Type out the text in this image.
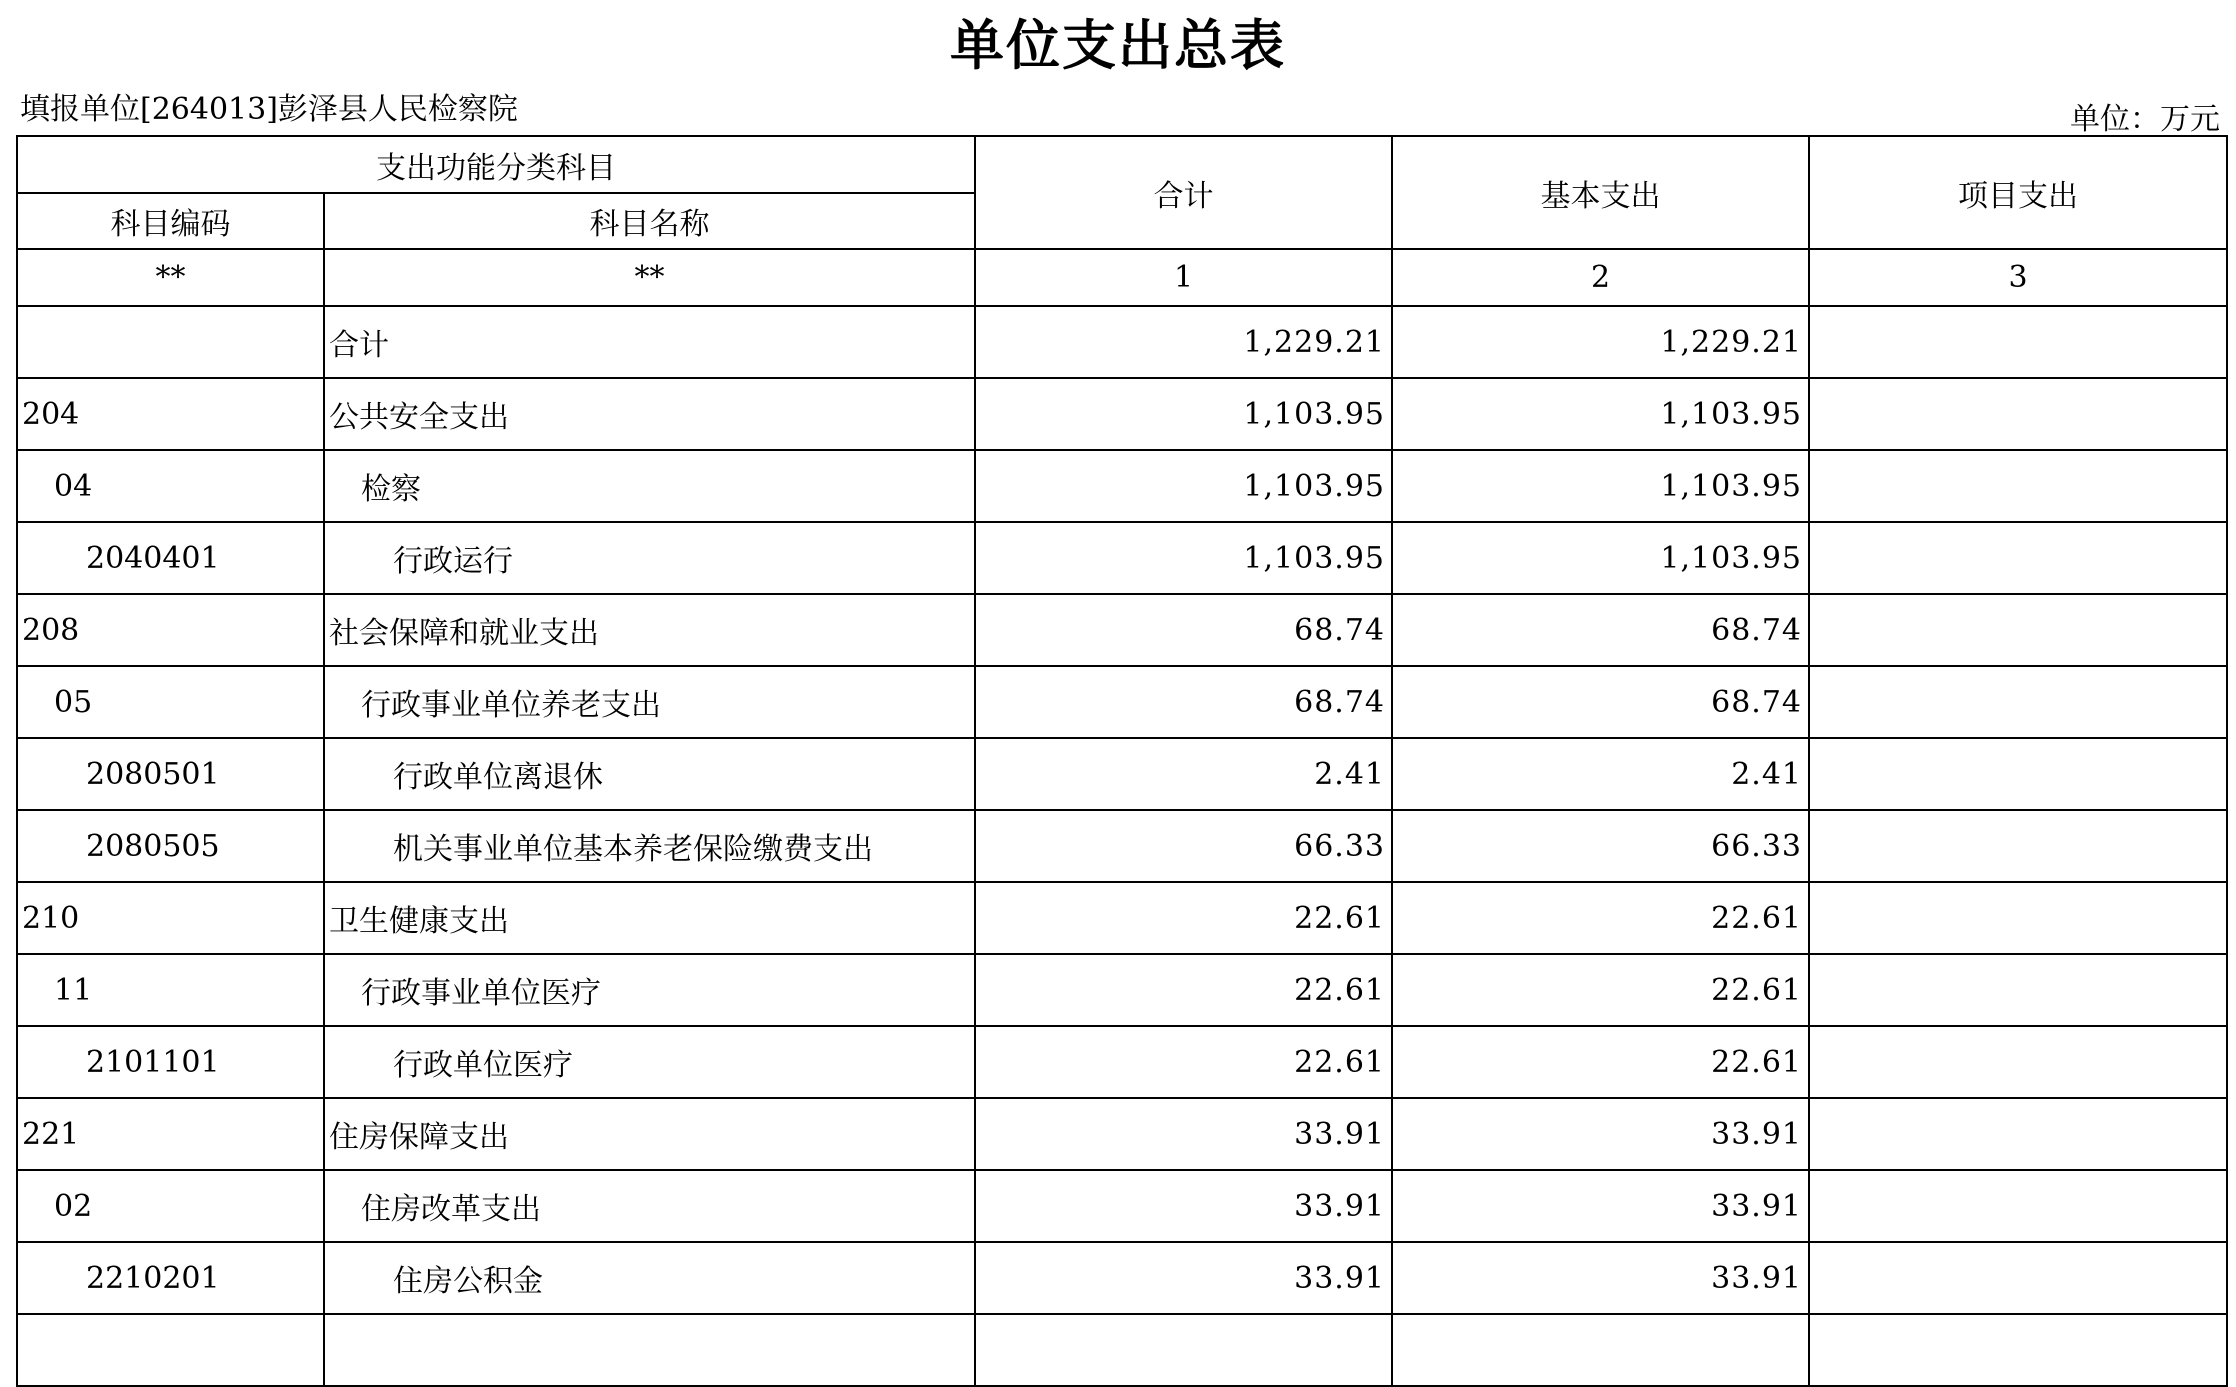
单位支出总表
填报单位[264013]彭泽县人民检察院	单位：万元
支出功能分类科目		合计	基本支出	项目支出
科目编码	科目名称			
**	**	1	2	3
	合计	1,229.21	1,229.21	
204	公共安全支出	1,103.95	1,103.95	
04	检察	1,103.95	1,103.95	
2040401	行政运行	1,103.95	1,103.95	
208	社会保障和就业支出	68.74	68.74	
05	行政事业单位养老支出	68.74	68.74	
2080501	行政单位离退休	2.41	2.41	
2080505	机关事业单位基本养老保险缴费支出	66.33	66.33	
210	卫生健康支出	22.61	22.61	
11	行政事业单位医疗	22.61	22.61	
2101101	行政单位医疗	22.61	22.61	
221	住房保障支出	33.91	33.91	
02	住房改革支出	33.91	33.91	
2210201	住房公积金	33.91	33.91	
